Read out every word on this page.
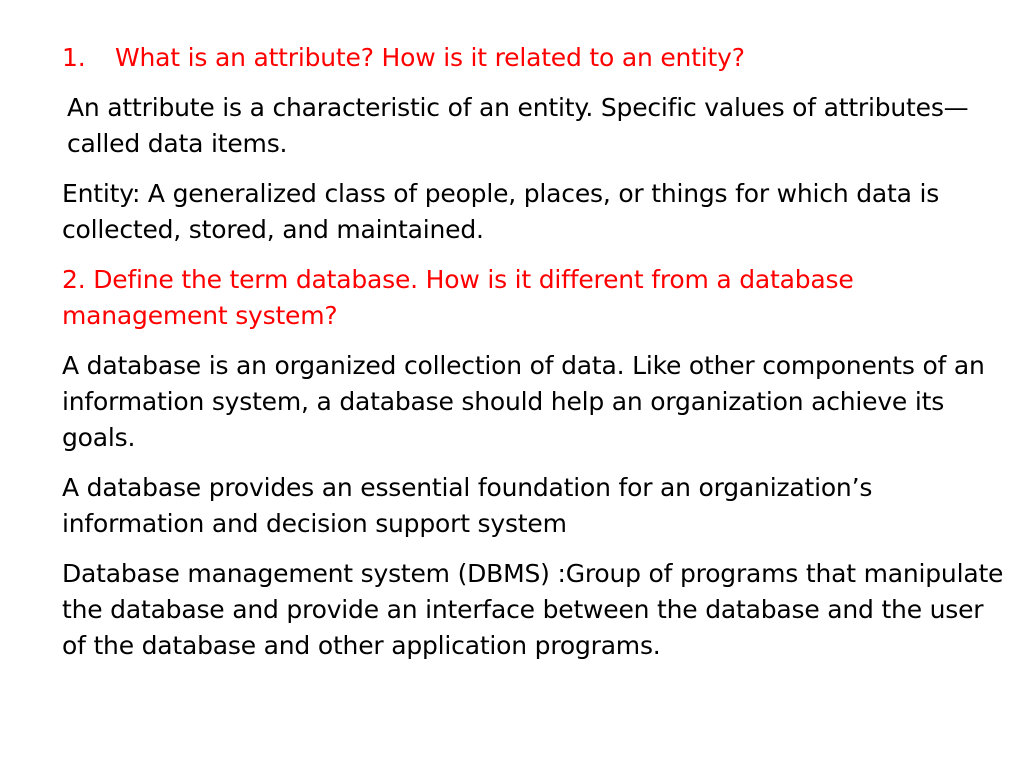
1.	What is an attribute? How is it related to an entity?
An attribute is a characteristic of an entity. Specific values of attributes—called data items.
Entity: A generalized class of people, places, or things for which data is collected, stored, and maintained.
2. Define the term database. How is it different from a database management system?
A database is an organized collection of data. Like other components of an information system, a database should help an organization achieve its goals.
A database provides an essential foundation for an organization’s information and decision support system
Database management system (DBMS) :Group of programs that manipulate the database and provide an interface between the database and the user of the database and other application programs.
